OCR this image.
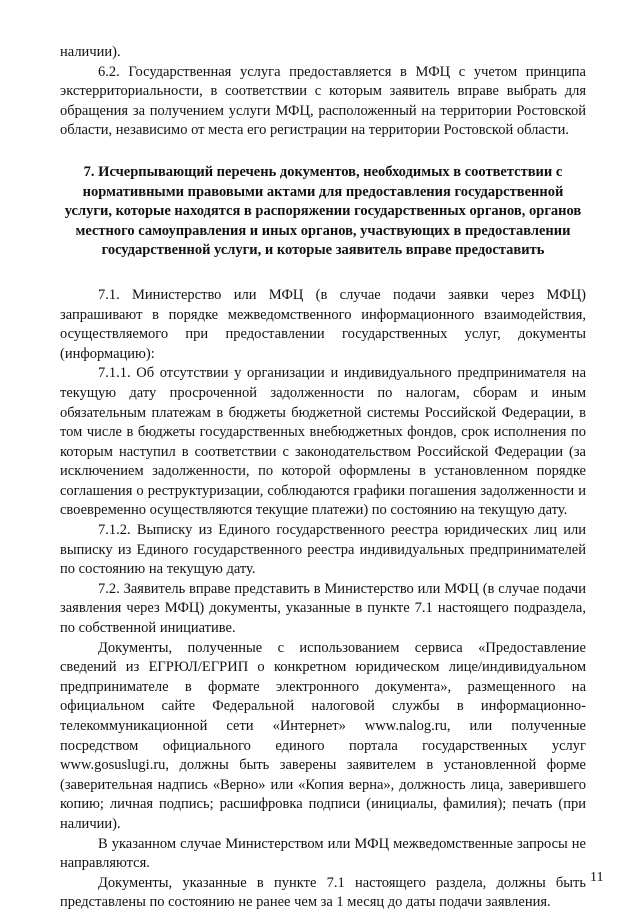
наличии).

6.2. Государственная услуга предоставляется в МФЦ с учетом принципа экстерриториальности, в соответствии с которым заявитель вправе выбрать для обращения за получением услуги МФЦ, расположенный на территории Ростовской области, независимо от места его регистрации на территории Ростовской области.

7. Исчерпывающий перечень документов, необходимых в соответствии с нормативными правовыми актами для предоставления государственной услуги, которые находятся в распоряжении государственных органов, органов местного самоуправления и иных органов, участвующих в предоставлении государственной услуги, и которые заявитель вправе предоставить

7.1. Министерство или МФЦ (в случае подачи заявки через МФЦ) запрашивают в порядке межведомственного информационного взаимодействия, осуществляемого при предоставлении государственных услуг, документы (информацию):

7.1.1. Об отсутствии у организации и индивидуального предпринимателя на текущую дату просроченной задолженности по налогам, сборам и иным обязательным платежам в бюджеты бюджетной системы Российской Федерации, в том числе в бюджеты государственных внебюджетных фондов, срок исполнения по которым наступил в соответствии с законодательством Российской Федерации (за исключением задолженности, по которой оформлены в установленном порядке соглашения о реструктуризации, соблюдаются графики погашения задолженности и своевременно осуществляются текущие платежи) по состоянию на текущую дату.

7.1.2. Выписку из Единого государственного реестра юридических лиц или выписку из Единого государственного реестра индивидуальных предпринимателей по состоянию на текущую дату.

7.2. Заявитель вправе представить в Министерство или МФЦ (в случае подачи заявления через МФЦ) документы, указанные в пункте 7.1 настоящего подраздела, по собственной инициативе.

Документы, полученные с использованием сервиса «Предоставление сведений из ЕГРЮЛ/ЕГРИП о конкретном юридическом лице/индивидуальном предпринимателе в формате электронного документа», размещенного на официальном сайте Федеральной налоговой службы в информационно-телекоммуникационной сети «Интернет» www.nalog.ru, или полученные посредством официального единого портала государственных услуг www.gosuslugi.ru, должны быть заверены заявителем в установленной форме (заверительная надпись «Верно» или «Копия верна», должность лица, заверившего копию; личная подпись; расшифровка подписи (инициалы, фамилия); печать (при наличии).

В указанном случае Министерством или МФЦ межведомственные запросы не направляются.

Документы, указанные в пункте 7.1 настоящего раздела, должны быть представлены по состоянию не ранее чем за 1 месяц до даты подачи заявления.

11
